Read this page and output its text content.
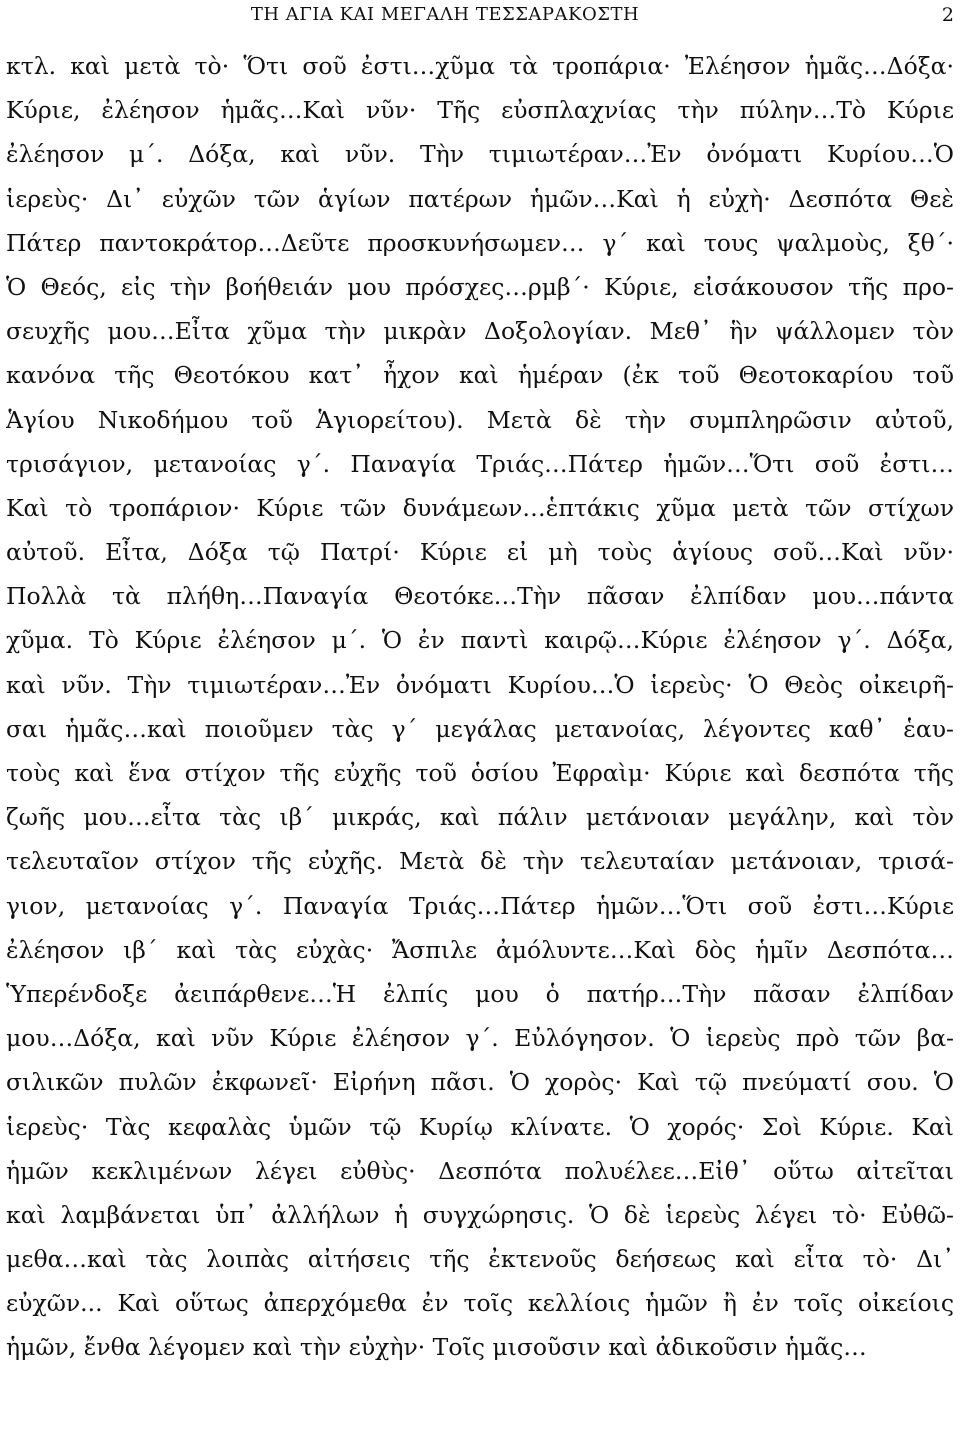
ΤΗ ΑΓΙΑ ΚΑΙ ΜΕΓΑΛΗ ΤΕΣΣΑΡΑΚΟΣΤΗ	2
κτλ. καὶ μετὰ τὸ· Ὅτι σοῦ ἐστι…χῦμα τὰ τροπάρια· Ἐλέησον ἡμᾶς…Δόξα·
Κύριε, ἐλέησον ἡμᾶς…Καὶ νῦν· Τῆς εὐσπλαχνίας τὴν πύλην…Τὸ Κύριε
ἐλέησον μ΄. Δόξα, καὶ νῦν. Τὴν τιμιωτέραν…Ἐν ὀνόματι Κυρίου…Ὁ
ἱερεὺς· Δι᾽ εὐχῶν τῶν ἁγίων πατέρων ἡμῶν…Καὶ ἡ εὐχὴ· Δεσπότα Θεὲ
Πάτερ παντοκράτορ…Δεῦτε προσκυνήσωμεν… γ΄ καὶ τους ψαλμοὺς, ξθ΄·
Ὁ Θεός, εἰς τὴν βοήθειάν μου πρόσχες…ρμβ΄· Κύριε, εἰσάκουσον τῆς προ-
σευχῆς μου…Εἶτα χῦμα τὴν μικρὰν Δοξολογίαν. Μεθ᾽ ἣν ψάλλομεν τὸν
κανόνα τῆς Θεοτόκου κατ᾽ ἦχον καὶ ἡμέραν (ἐκ τοῦ Θεοτοκαρίου τοῦ
Ἁγίου Νικοδήμου τοῦ Ἁγιορείτου). Μετὰ δὲ τὴν συμπληρῶσιν αὐτοῦ,
τρισάγιον, μετανοίας γ΄. Παναγία Τριάς…Πάτερ ἡμῶν…Ὅτι σοῦ ἐστι…
Καὶ τὸ τροπάριον· Κύριε τῶν δυνάμεων…ἑπτάκις χῦμα μετὰ τῶν στίχων
αὐτοῦ. Εἶτα, Δόξα τῷ Πατρί· Κύριε εἰ μὴ τοὺς ἁγίους σοῦ…Καὶ νῦν·
Πολλὰ τὰ πλήθη…Παναγία Θεοτόκε…Τὴν πᾶσαν ἐλπίδαν μου…πάντα
χῦμα. Τὸ Κύριε ἐλέησον μ΄. Ὁ ἐν παντὶ καιρῷ…Κύριε ἐλέησον γ΄. Δόξα,
καὶ νῦν. Τὴν τιμιωτέραν…Ἐν ὀνόματι Κυρίου…Ὁ ἱερεὺς· Ὁ Θεὸς οἰκειρῆ-
σαι ἡμᾶς…καὶ ποιοῦμεν τὰς γ΄ μεγάλας μετανοίας, λέγοντες καθ᾽ ἑαυ-
τοὺς καὶ ἕνα στίχον τῆς εὐχῆς τοῦ ὁσίου Ἐφραὶμ· Κύριε καὶ δεσπότα τῆς
ζωῆς μου…εἶτα τὰς ιβ΄ μικράς, καὶ πάλιν μετάνοιαν μεγάλην, καὶ τὸν
τελευταῖον στίχον τῆς εὐχῆς. Μετὰ δὲ τὴν τελευταίαν μετάνοιαν, τρισά-
γιον, μετανοίας γ΄. Παναγία Τριάς…Πάτερ ἡμῶν…Ὅτι σοῦ ἐστι…Κύριε
ἐλέησον ιβ΄ καὶ τὰς εὐχὰς· Ἄσπιλε ἀμόλυντε…Καὶ δὸς ἡμῖν Δεσπότα…
Ὑπερένδοξε ἀειπάρθενε…Ἡ ἐλπίς μου ὁ πατήρ…Τὴν πᾶσαν ἐλπίδαν
μου…Δόξα, καὶ νῦν Κύριε ἐλέησον γ΄. Εὐλόγησον. Ὁ ἱερεὺς πρὸ τῶν βα-
σιλικῶν πυλῶν ἐκφωνεῖ· Εἰρήνη πᾶσι. Ὁ χορὸς· Καὶ τῷ πνεύματί σου. Ὁ
ἱερεὺς· Τὰς κεφαλὰς ὑμῶν τῷ Κυρίῳ κλίνατε. Ὁ χορός· Σοὶ Κύριε. Καὶ
ἡμῶν κεκλιμένων λέγει εὐθὺς· Δεσπότα πολυέλεε…Εἰθ᾽ οὕτω αἰτεῖται
καὶ λαμβάνεται ὑπ᾽ ἀλλήλων ἡ συγχώρησις. Ὁ δὲ ἱερεὺς λέγει τὸ· Εὐθῶ-
μεθα…καὶ τὰς λοιπὰς αἰτήσεις τῆς ἐκτενοῦς δεήσεως καὶ εἶτα τὸ· Δι᾽
εὐχῶν... Καὶ οὕτως ἀπερχόμεθα ἐν τοῖς κελλίοις ἡμῶν ἢ ἐν τοῖς οἰκείοις
ἡμῶν, ἔνθα λέγομεν καὶ τὴν εὐχὴν· Τοῖς μισοῦσιν καὶ ἀδικοῦσιν ἡμᾶς…
